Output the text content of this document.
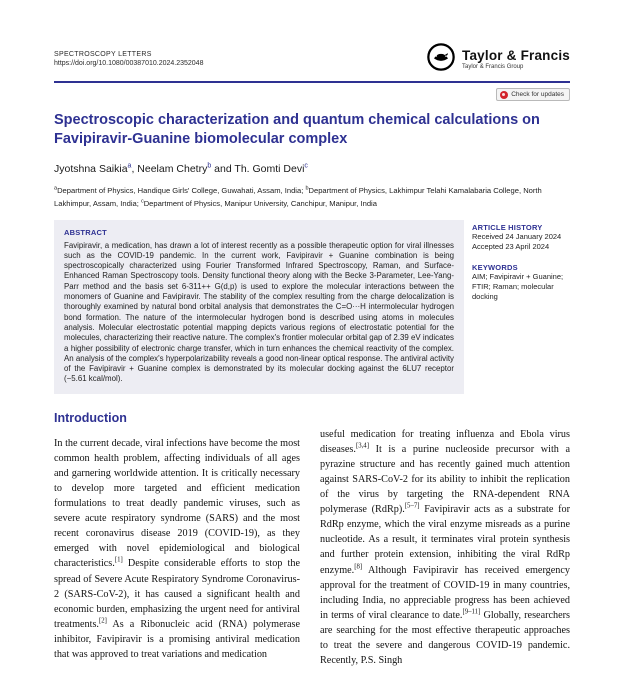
SPECTROSCOPY LETTERS
https://doi.org/10.1080/00387010.2024.2352048
Taylor & Francis
Taylor & Francis Group
Check for updates
Spectroscopic characterization and quantum chemical calculations on Favipiravir-Guanine biomolecular complex
Jyotshna Saikia$^a$, Neelam Chetry$^b$ and Th. Gomti Devi$^c$
$^a$Department of Physics, Handique Girls' College, Guwahati, Assam, India; $^b$Department of Physics, Lakhimpur Telahi Kamalabaria College, North Lakhimpur, Assam, India; $^c$Department of Physics, Manipur University, Canchipur, Manipur, India
ABSTRACT

Favipiravir, a medication, has drawn a lot of interest recently as a possible therapeutic option for viral illnesses such as the COVID-19 pandemic. In the current work, Favipiravir + Guanine combination is being spectroscopically characterized using Fourier Transformed Infrared Spectroscopy, Raman, and Surface-Enhanced Raman Spectroscopy tools. Density functional theory along with the Becke 3-Parameter, Lee-Yang-Parr method and the basis set 6-311++ G(d,p) is used to explore the molecular interactions between the monomers of Guanine and Favipiravir. The stability of the complex resulting from the charge delocalization is thoroughly examined by natural bond orbital analysis that demonstrates the C=O···H intermolecular hydrogen bond formation. The nature of the intermolecular hydrogen bond is described using atoms in molecules analysis. Molecular electrostatic potential mapping depicts various regions of electrostatic potential for the molecules, characterizing their reactive nature. The complex's frontier molecular orbital gap of 2.39 eV indicates a higher possibility of electronic charge transfer, which in turn enhances the chemical reactivity of the complex. An analysis of the complex's hyperpolarizability reveals a good non-linear optical response. The antiviral activity of the Favipiravir + Guanine complex is demonstrated by its molecular docking against the 6LU7 receptor (−5.61 kcal/mol).

ARTICLE HISTORY
Received 24 January 2024
Accepted 23 April 2024
KEYWORDS
AIM; Favipiravir + Guanine; FTIR; Raman; molecular docking
Introduction

In the current decade, viral infections have become the most common health problem, affecting individuals of all ages and garnering worldwide attention. It is critically necessary to develop more targeted and efficient medication formulations to treat deadly pandemic viruses, such as severe acute respiratory syndrome (SARS) and the most recent coronavirus disease 2019 (COVID-19), as they emerged with novel epidemiological and biological characteristics.[1] Despite considerable efforts to stop the spread of Severe Acute Respiratory Syndrome Coronavirus-2 (SARS-CoV-2), it has caused a significant health and economic burden, emphasizing the urgent need for antiviral treatments.[2] As a Ribonucleic acid (RNA) polymerase inhibitor, Favipiravir is a promising antiviral medication that was approved to treat variations and medication

useful medication for treating influenza and Ebola virus diseases.[3,4] It is a purine nucleoside precursor with a pyrazine structure and has recently gained much attention against SARS-CoV-2 for its ability to inhibit the replication of the virus by targeting the RNA-dependent RNA polymerase (RdRp).[5–7] Favipiravir acts as a substrate for RdRp enzyme, which the viral enzyme misreads as a purine nucleotide. As a result, it terminates viral protein synthesis and further protein extension, inhibiting the viral RdRp enzyme.[8] Although Favipiravir has received emergency approval for the treatment of COVID-19 in many countries, including India, no appreciable progress has been achieved in terms of viral clearance to date.[9–11] Globally, researchers are searching for the most effective therapeutic approaches to treat the severe and dangerous COVID-19 pandemic. Recently, P.S. Singh
